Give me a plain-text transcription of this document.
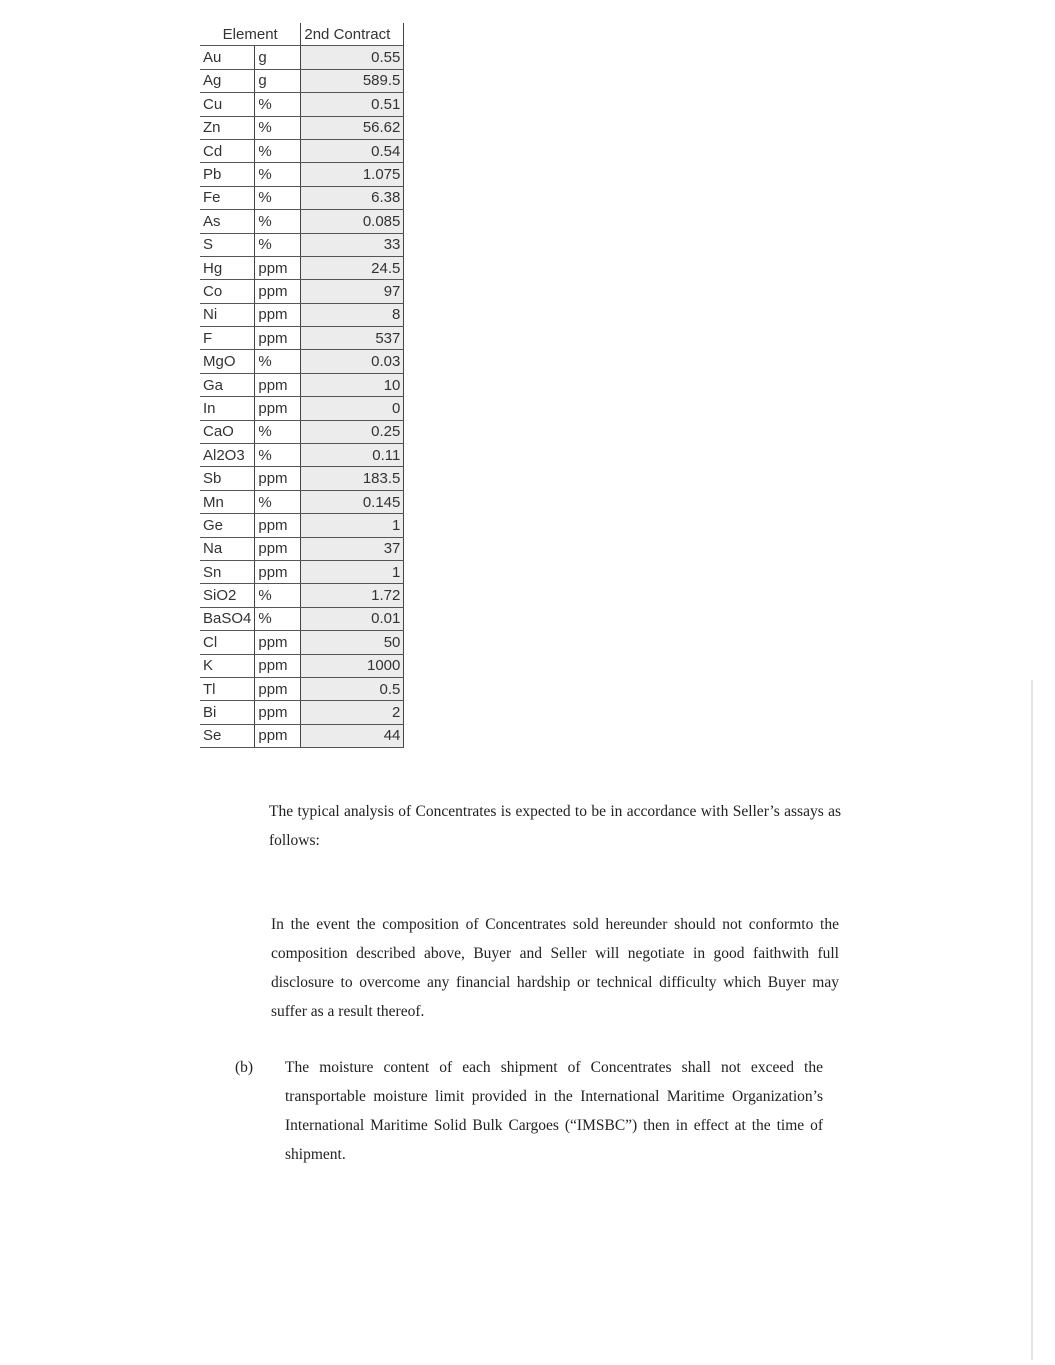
Element		2nd Contract
Au	g	0.55
Ag	g	589.5
Cu	%	0.51
Zn	%	56.62
Cd	%	0.54
Pb	%	1.075
Fe	%	6.38
As	%	0.085
S	%	33
Hg	ppm	24.5
Co	ppm	97
Ni	ppm	8
F	ppm	537
MgO	%	0.03
Ga	ppm	10
In	ppm	0
CaO	%	0.25
Al2O3	%	0.11
Sb	ppm	183.5
Mn	%	0.145
Ge	ppm	1
Na	ppm	37
Sn	ppm	1
SiO2	%	1.72
BaSO4	%	0.01
Cl	ppm	50
K	ppm	1000
Tl	ppm	0.5
Bi	ppm	2
Se	ppm	44
The typical analysis of Concentrates is expected to be in accordance with Seller’s assays as follows:
In the event the composition of Concentrates sold hereunder should not conformto the composition described above, Buyer and Seller will negotiate in good faithwith full disclosure to overcome any financial hardship or technical difficulty which Buyer may suffer as a result thereof.
(b) The moisture content of each shipment of Concentrates shall not exceed the transportable moisture limit provided in the International Maritime Organization’s International Maritime Solid Bulk Cargoes (“IMSBC”) then in effect at the time of shipment.
